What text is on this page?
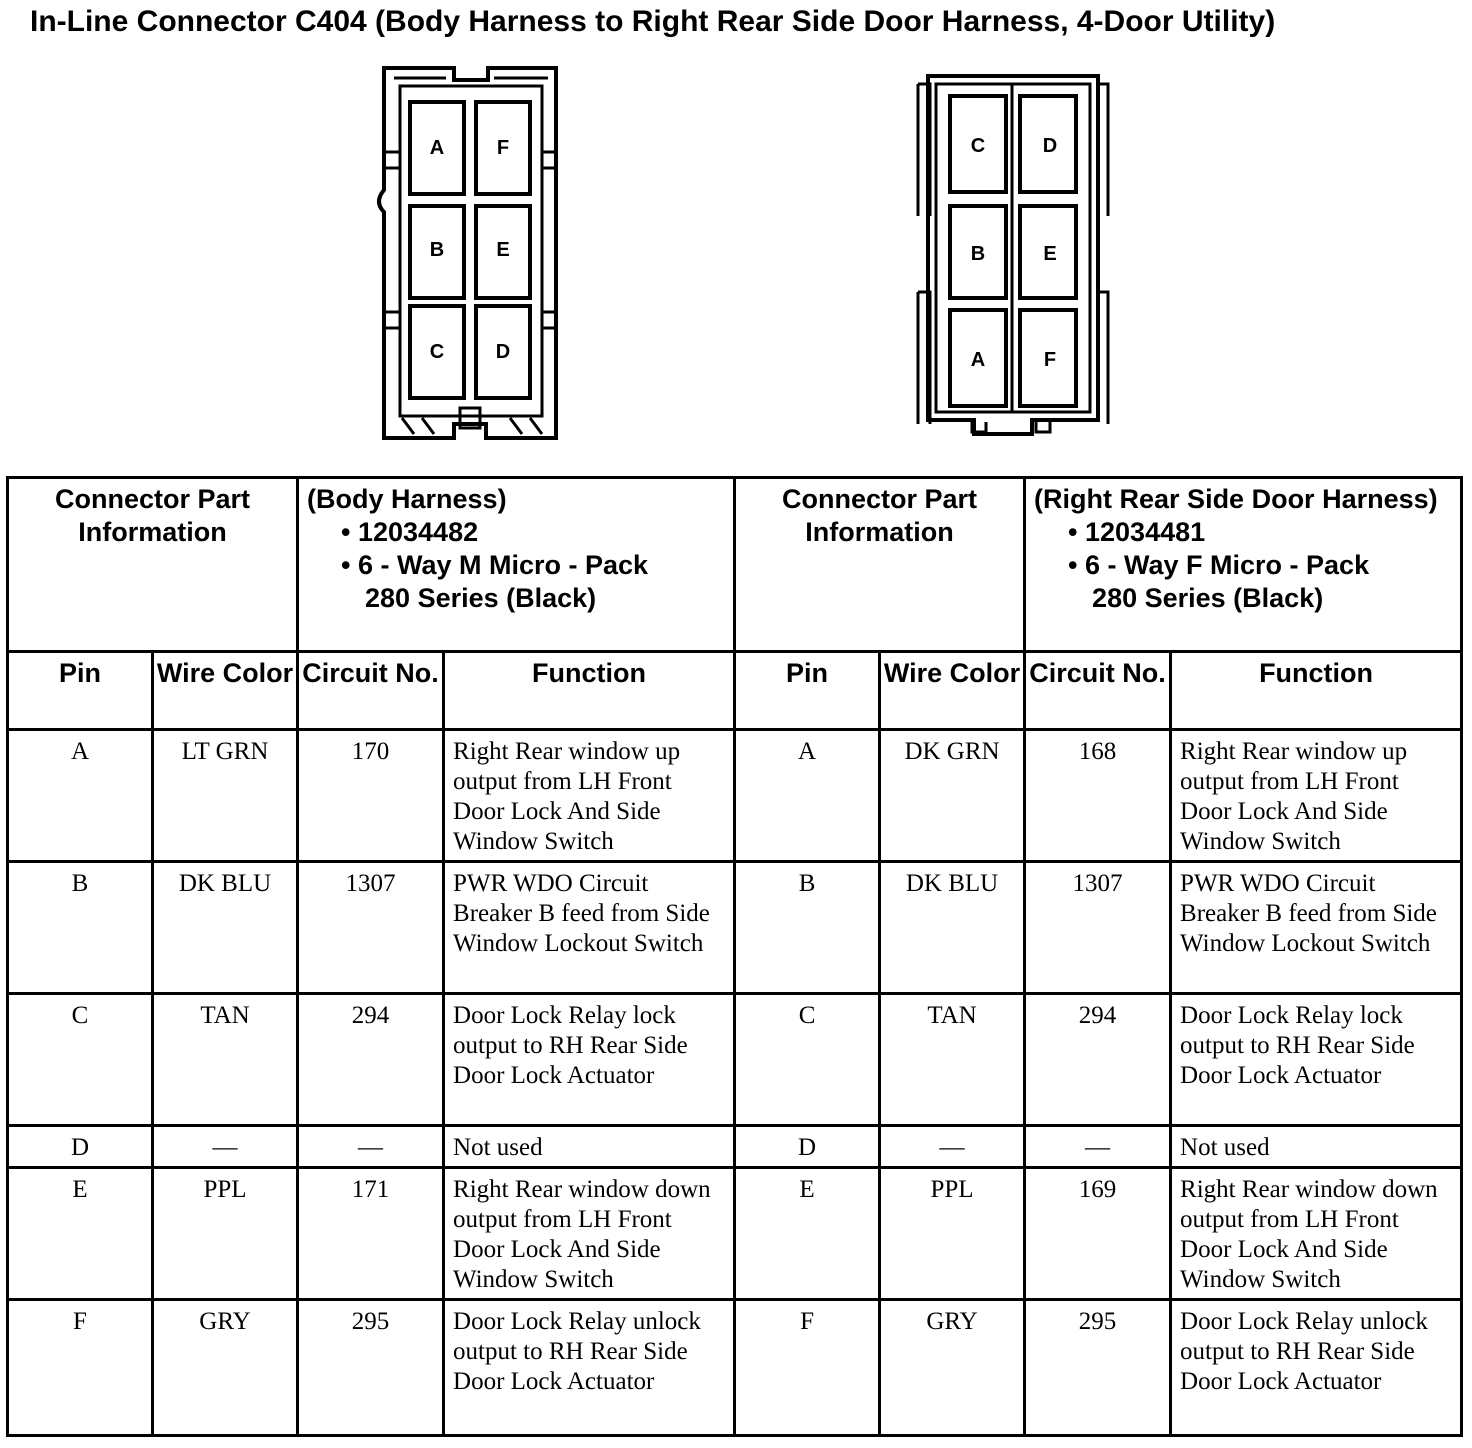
In-Line Connector C404 (Body Harness to Right Rear Side Door Harness, 4-Door Utility)
A	F
B	E
C	D
C	D
B	E
A	F
Connector Part Information		(Body Harness)
• 12034482
• 6 - Way M Micro - Pack
280 Series (Black)		Connector Part Information		(Right Rear Side Door Harness)
• 12034481
• 6 - Way F Micro - Pack
280 Series (Black)	

Pin	Wire Color	Circuit No.	Function	Pin	Wire Color	Circuit No.	Function
A	LT GRN	170	Right Rear window up output from LH Front Door Lock And Side Window Switch	A	DK GRN	168	Right Rear window up output from LH Front Door Lock And Side Window Switch
B	DK BLU	1307	PWR WDO Circuit Breaker B feed from Side Window Lockout Switch	B	DK BLU	1307	PWR WDO Circuit Breaker B feed from Side Window Lockout Switch
C	TAN	294	Door Lock Relay lock output to RH Rear Side Door Lock Actuator	C	TAN	294	Door Lock Relay lock output to RH Rear Side Door Lock Actuator
D	—	—	Not used	D	—	—	Not used
E	PPL	171	Right Rear window down output from LH Front Door Lock And Side Window Switch	E	PPL	169	Right Rear window down output from LH Front Door Lock And Side Window Switch
F	GRY	295	Door Lock Relay unlock output to RH Rear Side Door Lock Actuator	F	GRY	295	Door Lock Relay unlock output to RH Rear Side Door Lock Actuator
